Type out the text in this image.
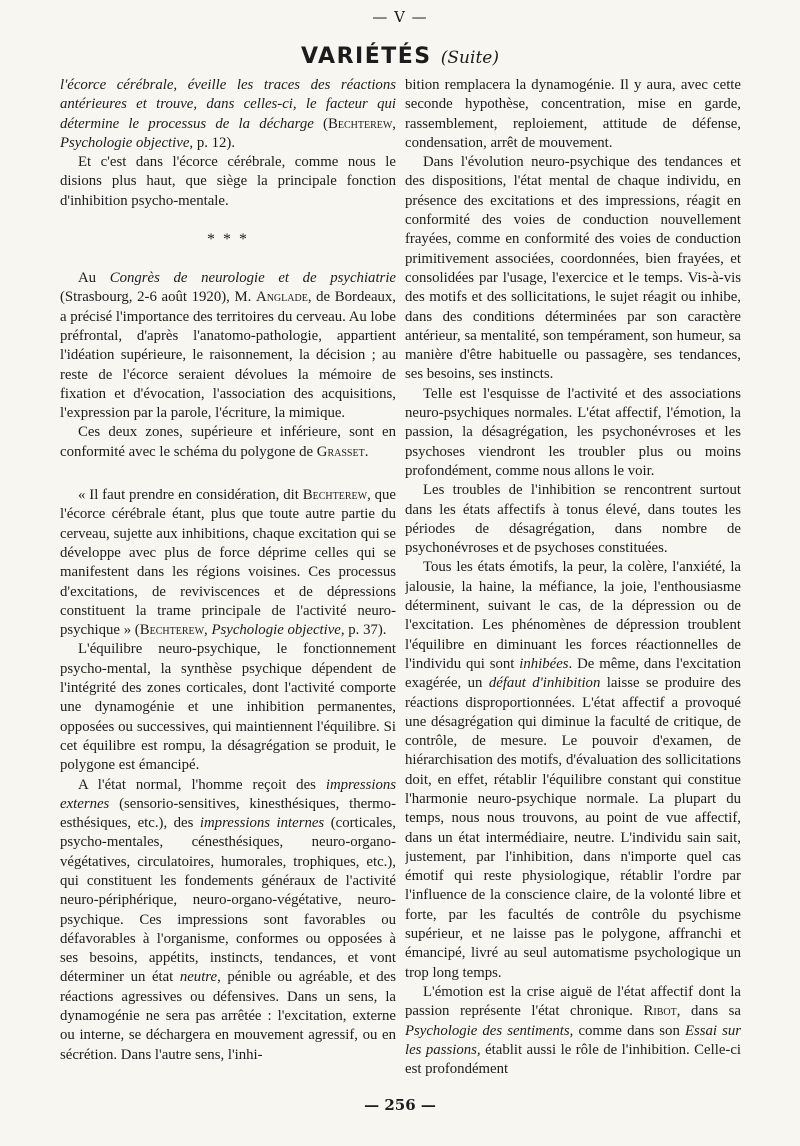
— V —
VARIÉTÉS (Suite)

l'écorce cérébrale, éveille les traces des réactions antérieures et trouve, dans celles-ci, le facteur qui détermine le processus de la décharge (Bechterew, Psychologie objective, p. 12).

Et c'est dans l'écorce cérébrale, comme nous le disions plus haut, que siège la principale fonction d'inhibition psycho-mentale.

* * *

Au Congrès de neurologie et de psychiatrie (Strasbourg, 2-6 août 1920), M. Anglade, de Bordeaux, a précisé l'importance des territoires du cerveau. Au lobe préfrontal, d'après l'anatomo-pathologie, appartient l'idéation supérieure, le raisonnement, la décision ; au reste de l'écorce seraient dévolues la mémoire de fixation et d'évocation, l'association des acquisitions, l'expression par la parole, l'écriture, la mimique.

Ces deux zones, supérieure et inférieure, sont en conformité avec le schéma du polygone de Grasset.

« Il faut prendre en considération, dit Bechterew, que l'écorce cérébrale étant, plus que toute autre partie du cerveau, sujette aux inhibitions, chaque excitation qui se développe avec plus de force déprime celles qui se manifestent dans les régions voisines. Ces processus d'excitations, de reviviscences et de dépressions constituent la trame principale de l'activité neuro-psychique » (Bechterew, Psychologie objective, p. 37).

L'équilibre neuro-psychique, le fonctionnement psycho-mental, la synthèse psychique dépendent de l'intégrité des zones corticales, dont l'activité comporte une dynamogénie et une inhibition permanentes, opposées ou successives, qui maintiennent l'équilibre. Si cet équilibre est rompu, la désagrégation se produit, le polygone est émancipé.

A l'état normal, l'homme reçoit des impressions externes (sensorio-sensitives, kinesthésiques, thermo-esthésiques, etc.), des impressions internes (corticales, psycho-mentales, cénesthésiques, neuro-organo-végétatives, circulatoires, humorales, trophiques, etc.), qui constituent les fondements généraux de l'activité neuro-périphérique, neuro-organo-végétative, neuro-psychique. Ces impressions sont favorables ou défavorables à l'organisme, conformes ou opposées à ses besoins, appétits, instincts, tendances, et vont déterminer un état neutre, pénible ou agréable, et des réactions agressives ou défensives. Dans un sens, la dynamogénie ne sera pas arrêtée : l'excitation, externe ou interne, se déchargera en mouvement agressif, ou en sécrétion. Dans l'autre sens, l'inhi-

bition remplacera la dynamogénie. Il y aura, avec cette seconde hypothèse, concentration, mise en garde, rassemblement, reploiement, attitude de défense, condensation, arrêt de mouvement.

Dans l'évolution neuro-psychique des tendances et des dispositions, l'état mental de chaque individu, en présence des excitations et des impressions, réagit en conformité des voies de conduction nouvellement frayées, comme en conformité des voies de conduction primitivement associées, coordonnées, bien frayées, et consolidées par l'usage, l'exercice et le temps. Vis-à-vis des motifs et des sollicitations, le sujet réagit ou inhibe, dans des conditions déterminées par son caractère antérieur, sa mentalité, son tempérament, son humeur, sa manière d'être habituelle ou passagère, ses tendances, ses besoins, ses instincts.

Telle est l'esquisse de l'activité et des associations neuro-psychiques normales. L'état affectif, l'émotion, la passion, la désagrégation, les psychonévroses et les psychoses viendront les troubler plus ou moins profondément, comme nous allons le voir.

Les troubles de l'inhibition se rencontrent surtout dans les états affectifs à tonus élevé, dans toutes les périodes de désagrégation, dans nombre de psychonévroses et de psychoses constituées.

Tous les états émotifs, la peur, la colère, l'anxiété, la jalousie, la haine, la méfiance, la joie, l'enthousiasme déterminent, suivant le cas, de la dépression ou de l'excitation. Les phénomènes de dépression troublent l'équilibre en diminuant les forces réactionnelles de l'individu qui sont inhibées. De même, dans l'excitation exagérée, un défaut d'inhibition laisse se produire des réactions disproportionnées. L'état affectif a provoqué une désagrégation qui diminue la faculté de critique, de contrôle, de mesure. Le pouvoir d'examen, de hiérarchisation des motifs, d'évaluation des sollicitations doit, en effet, rétablir l'équilibre constant qui constitue l'harmonie neuro-psychique normale. La plupart du temps, nous nous trouvons, au point de vue affectif, dans un état intermédiaire, neutre. L'individu sain sait, justement, par l'inhibition, dans n'importe quel cas émotif qui reste physiologique, rétablir l'ordre par l'influence de la conscience claire, de la volonté libre et forte, par les facultés de contrôle du psychisme supérieur, et ne laisse pas le polygone, affranchi et émancipé, livré au seul automatisme psychologique un trop long temps.

L'émotion est la crise aiguë de l'état affectif dont la passion représente l'état chronique. Ribot, dans sa Psychologie des sentiments, comme dans son Essai sur les passions, établit aussi le rôle de l'inhibition. Celle-ci est profondément

— 256 —
